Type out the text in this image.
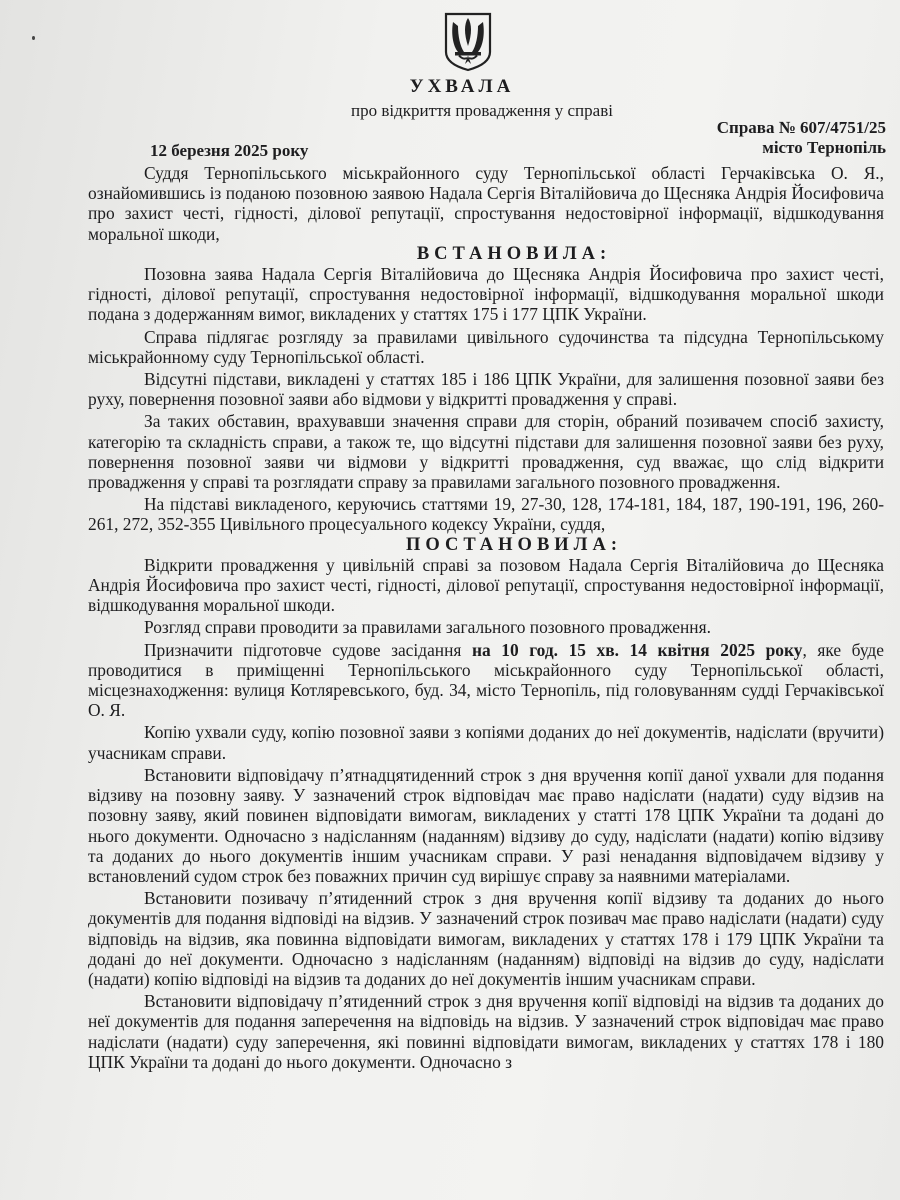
УХВАЛА
про відкриття провадження у справі
Справа № 607/4751/25
12 березня 2025 року	місто Тернопіль

Суддя Тернопільського міськрайонного суду Тернопільської області Герчаківська О. Я., ознайомившись із поданою позовною заявою Надала Сергія Віталійовича до Щесняка Андрія Йосифовича про захист честі, гідності, ділової репутації, спростування недостовірної інформації, відшкодування моральної шкоди,

ВСТАНОВИЛА:

Позовна заява Надала Сергія Віталійовича до Щесняка Андрія Йосифовича про захист честі, гідності, ділової репутації, спростування недостовірної інформації, відшкодування моральної шкоди подана з додержанням вимог, викладених у статтях 175 і 177 ЦПК України.

Справа підлягає розгляду за правилами цивільного судочинства та підсудна Тернопільському міськрайонному суду Тернопільської області.

Відсутні підстави, викладені у статтях 185 і 186 ЦПК України, для залишення позовної заяви без руху, повернення позовної заяви або відмови у відкритті провадження у справі.

За таких обставин, врахувавши значення справи для сторін, обраний позивачем спосіб захисту, категорію та складність справи, а також те, що відсутні підстави для залишення позовної заяви без руху, повернення позовної заяви чи відмови у відкритті провадження, суд вважає, що слід відкрити провадження у справі та розглядати справу за правилами загального позовного провадження.

На підставі викладеного, керуючись статтями 19, 27-30, 128, 174-181, 184, 187, 190-191, 196, 260-261, 272, 352-355 Цивільного процесуального кодексу України, суддя,

ПОСТАНОВИЛА:

Відкрити провадження у цивільній справі за позовом Надала Сергія Віталійовича до Щесняка Андрія Йосифовича про захист честі, гідності, ділової репутації, спростування недостовірної інформації, відшкодування моральної шкоди.

Розгляд справи проводити за правилами загального позовного провадження.

Призначити підготовче судове засідання на 10 год. 15 хв. 14 квітня 2025 року, яке буде проводитися в приміщенні Тернопільського міськрайонного суду Тернопільської області, місцезнаходження: вулиця Котляревського, буд. 34, місто Тернопіль, під головуванням судді Герчаківської О. Я.

Копію ухвали суду, копію позовної заяви з копіями доданих до неї документів, надіслати (вручити) учасникам справи.

Встановити відповідачу п’ятнадцятиденний строк з дня вручення копії даної ухвали для подання відзиву на позовну заяву. У зазначений строк відповідач має право надіслати (надати) суду відзив на позовну заяву, який повинен відповідати вимогам, викладених у статті 178 ЦПК України та додані до нього документи. Одночасно з надісланням (наданням) відзиву до суду, надіслати (надати) копію відзиву та доданих до нього документів іншим учасникам справи. У разі ненадання відповідачем відзиву у встановлений судом строк без поважних причин суд вирішує справу за наявними матеріалами.

Встановити позивачу п’ятиденний строк з дня вручення копії відзиву та доданих до нього документів для подання відповіді на відзив. У зазначений строк позивач має право надіслати (надати) суду відповідь на відзив, яка повинна відповідати вимогам, викладених у статтях 178 і 179 ЦПК України та додані до неї документи. Одночасно з надісланням (наданням) відповіді на відзив до суду, надіслати (надати) копію відповіді на відзив та доданих до неї документів іншим учасникам справи.

Встановити відповідачу п’ятиденний строк з дня вручення копії відповіді на відзив та доданих до неї документів для подання заперечення на відповідь на відзив. У зазначений строк відповідач має право надіслати (надати) суду заперечення, які повинні відповідати вимогам, викладених у статтях 178 і 180 ЦПК України та додані до нього документи. Одночасно з
